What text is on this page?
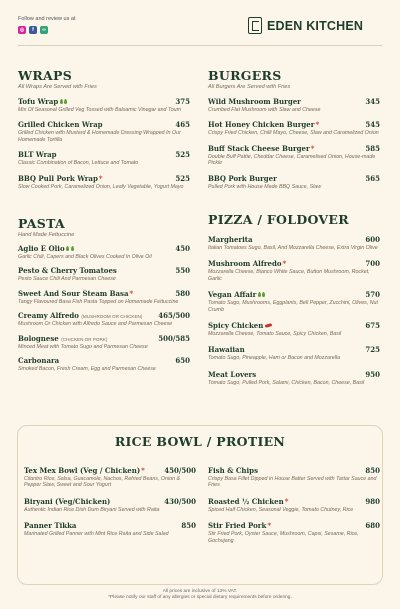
Follow and review us at
◎	f	∞	EDEN KITCHEN
WRAPS
All Wraps Are Served with Fries
Tofu Wrap	375
Mix Of Seasonal Grilled Veg Tossed with Balsamic Vinegar and Toum
Grilled Chicken Wrap	465
Grilled Chicken with Mustard & Homemade Dressing Wrapped In Our Homemade Tortilla
BLT Wrap	525
Classic Combination of Bacon, Lettuce and Tomato
BBQ Pull Pork Wrap*	525
Slow Cooked Pork, Caramelized Onion, Leafy Vegetable, Yogurt Mayo
PASTA
Hand Made Fettuccine
Aglio E Olio	450
Garlic Chili, Capers and Black Olives Cooked In Olive Oil
Pesto & Cherry Tomatoes	550
Pesto Sauce Chili And Parmesan Cheese
Sweet And Sour Steam Basa*	580
Tangy Flavoured Basa Fish Pasta Topped on Homemade Fettuccine
Creamy Alfredo (MUSHROOM OR CHICKEN) 465/500
Mushroom Or Chicken with Alfredo Sauce and Parmesan Cheese
Bolognese (CHICKEN OR PORK)	500/585
Minced Meat with Tomato Sugo and Parmesan Cheese
Carbonara	650
Smoked Bacon, Fresh Cream, Egg and Parmesan Cheese
BURGERS
All Burgers Are Served with Fries
Wild Mushroom Burger	345
Crumbed Flat Mushroom with Slaw and Cheese
Hot Honey Chicken Burger*	545
Crispy Fried Chicken, Chilli Mayo, Cheese, Slaw and Caramelized Onion
Buff Stack Cheese Burger*	585
Double Buff Pattie, Cheddar Cheese, Caramelised Onion, House-made Pickle
BBQ Pork Burger	565
Pulled Pork with House Made BBQ Sauce, Slaw
PIZZA / FOLDOVER
Margherita	600
Italian Tomatoes Sugo, Basil, And Mozzarella Cheese, Extra Virgin Olive
Mushroom Alfredo*	700
Mozzarella Cheese, Bianco White Sauce, Button Mushroom, Rocket, Garlic
Vegan Affair	570
Tomato Sugo, Mushrooms, Eggplants, Bell Pepper, Zucchini, Olives, Nut Crumb
Spicy Chicken	675
Mozzarella Cheese, Tomato Sauce, Spicy Chicken, Basil
Hawaiian	725
Tomato Sugo, Pineapple, Ham or Bacon and Mozzarella
Meat Lovers	950
Tomato Sugo, Pulled Pork, Salami, Chicken, Bacon, Cheese, Basil
RICE BOWL / PROTIEN
Tex Mex Bowl (Veg / Chicken)*	450/500
Cilantro Rice, Salsa, Guacamole, Nachos, Refried Beans, Onion & Pepper Slaw, Sweet and Sour Yogurt
Biryani (Veg/Chicken)	430/500
Authentic Indian Rice Dish Dum Biryani Served with Raita
Panner Tikka	850
Marinated Grilled Panner with Mint Rice Raita and Side Salad
Fish & Chips	850
Crispy Basa Fillet Dipped in House Batter Served with Tartar Sauce and Fries
Roasted ½ Chicken*	980
Spiced Half Chicken, Seasonal Veggie, Tomato Chutney, Rice
Stir Fried Pork*	680
Stir Fried Pork, Oyster Sauce, Mushroom, Capsi, Sesame, Rice, Gochujang
All prices are inclusive of 13% VAT.
*Please notify our staff of any allergies or special dietary requirements before ordering.
